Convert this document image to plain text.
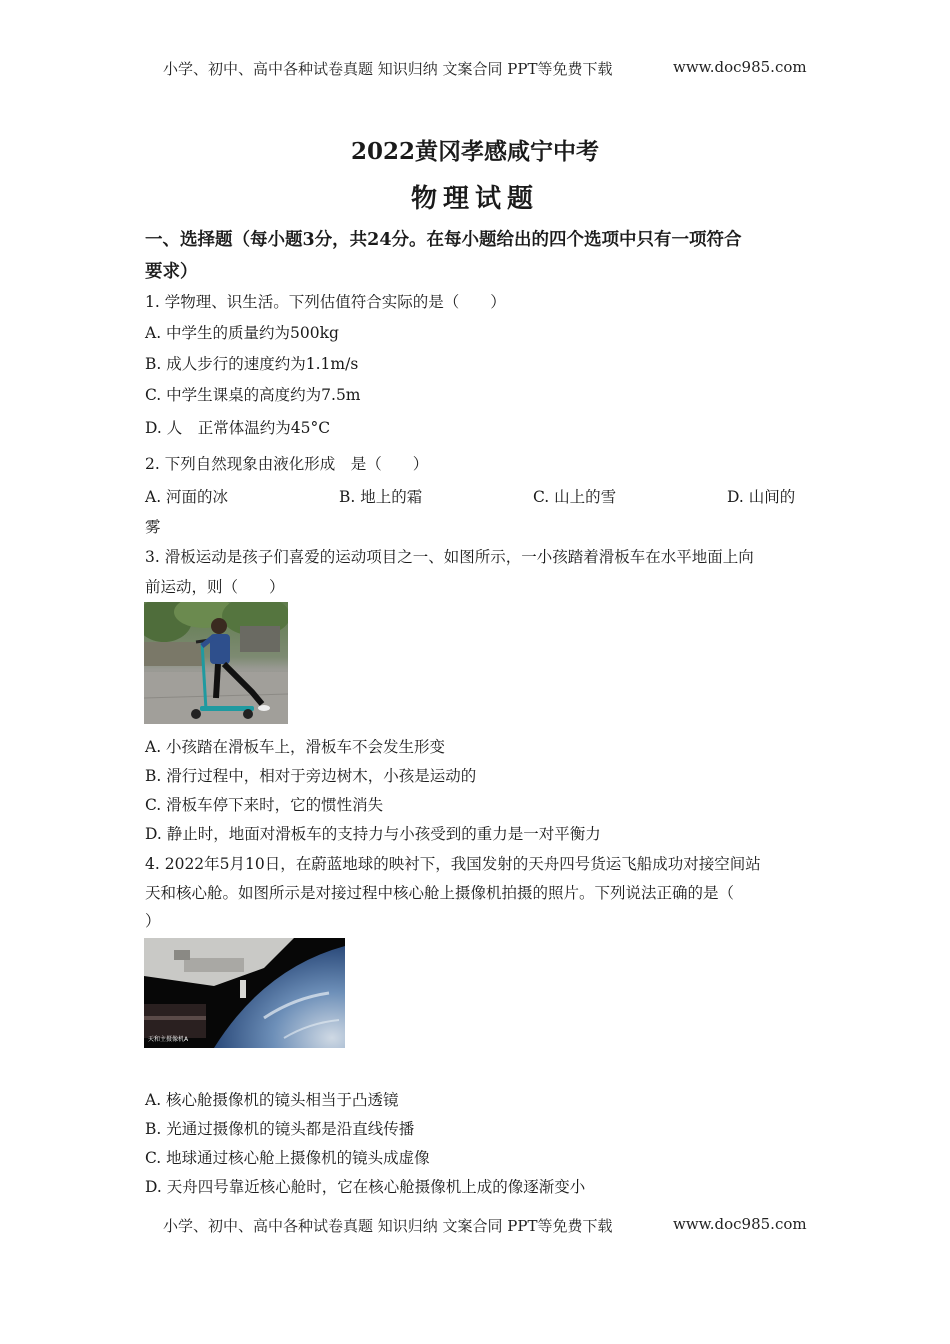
小学、初中、高中各种试卷真题 知识归纳 文案合同 PPT等免费下载	www.doc985.com
2022黄冈孝感咸宁中考
物理试题
一、选择题（每小题3分，共24分。在每小题给出的四个选项中只有一项符合
要求）
1. 学物理、识生活。下列估值符合实际的是（　　）
A. 中学生的质量约为500kg
B. 成人步行的速度约为1.1m/s
C. 中学生课桌的高度约为7.5m
D. 人　正常体温约为45°C
2. 下列自然现象由液化形成　是（　　）
A. 河面的冰	B. 地上的霜	C. 山上的雪	D. 山间的
雾
3. 滑板运动是孩子们喜爱的运动项目之一、如图所示，一小孩踏着滑板车在水平地面上向
前运动，则（　　）
A. 小孩踏在滑板车上，滑板车不会发生形变
B. 滑行过程中，相对于旁边树木，小孩是运动的
C. 滑板车停下来时，它的惯性消失
D. 静止时，地面对滑板车的支持力与小孩受到的重力是一对平衡力
4. 2022年5月10日，在蔚蓝地球的映衬下，我国发射的天舟四号货运飞船成功对接空间站
天和核心舱。如图所示是对接过程中核心舱上摄像机拍摄的照片。下列说法正确的是（
）
天和主摄像机A
A. 核心舱摄像机的镜头相当于凸透镜
B. 光通过摄像机的镜头都是沿直线传播
C. 地球通过核心舱上摄像机的镜头成虚像
D. 天舟四号靠近核心舱时，它在核心舱摄像机上成的像逐渐变小
小学、初中、高中各种试卷真题 知识归纳 文案合同 PPT等免费下载	www.doc985.com
